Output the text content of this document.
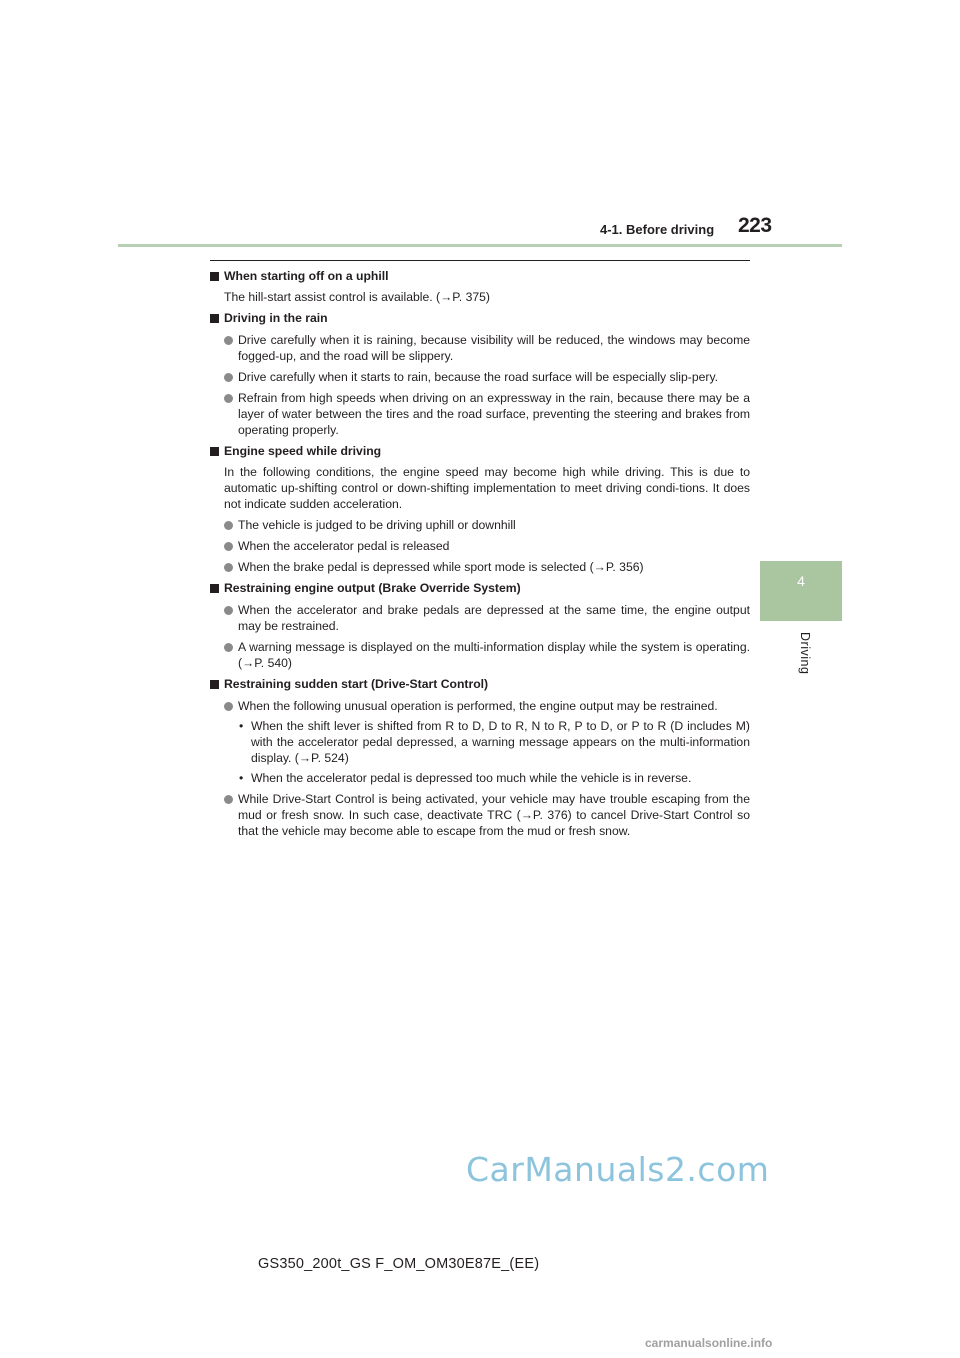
4-1. Before driving 223
4
Driving
When starting off on a uphill
The hill-start assist control is available. (→P. 375)
Driving in the rain
Drive carefully when it is raining, because visibility will be reduced, the windows may become fogged-up, and the road will be slippery.
Drive carefully when it starts to rain, because the road surface will be especially slip-pery.
Refrain from high speeds when driving on an expressway in the rain, because there may be a layer of water between the tires and the road surface, preventing the steering and brakes from operating properly.
Engine speed while driving
In the following conditions, the engine speed may become high while driving. This is due to automatic up-shifting control or down-shifting implementation to meet driving condi-tions. It does not indicate sudden acceleration.
The vehicle is judged to be driving uphill or downhill
When the accelerator pedal is released
When the brake pedal is depressed while sport mode is selected (→P. 356)
Restraining engine output (Brake Override System)
When the accelerator and brake pedals are depressed at the same time, the engine output may be restrained.
A warning message is displayed on the multi-information display while the system is operating. (→P. 540)
Restraining sudden start (Drive-Start Control)
When the following unusual operation is performed, the engine output may be restrained.
• When the shift lever is shifted from R to D, D to R, N to R, P to D, or P to R (D includes M) with the accelerator pedal depressed, a warning message appears on the multi-information display. (→P. 524)
• When the accelerator pedal is depressed too much while the vehicle is in reverse.
While Drive-Start Control is being activated, your vehicle may have trouble escaping from the mud or fresh snow. In such case, deactivate TRC (→P. 376) to cancel Drive-Start Control so that the vehicle may become able to escape from the mud or fresh snow.
CarManuals2.com
GS350_200t_GS F_OM_OM30E87E_(EE)
carmanualsonline.info
